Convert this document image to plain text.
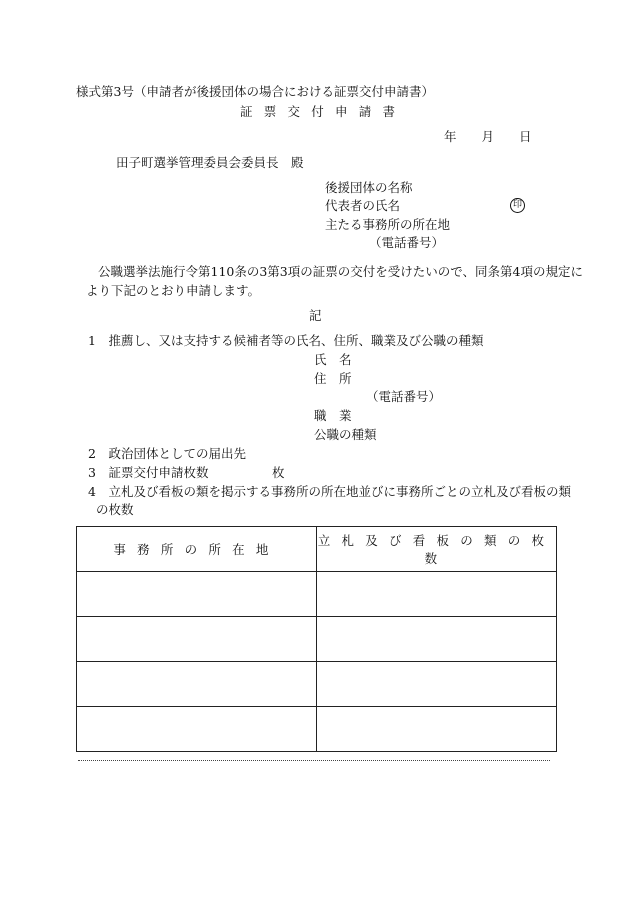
様式第3号（申請者が後援団体の場合における証票交付申請書）
証票交付申請書
年　　月　　日
田子町選挙管理委員会委員長　殿
後援団体の名称
代表者の氏名	印
主たる事務所の所在地
（電話番号）
公職選挙法施行令第110条の3第3項の証票の交付を受けたいので、同条第4項の規定に
より下記のとおり申請します。
記
1　推薦し、又は支持する候補者等の氏名、住所、職業及び公職の種類
氏　名
住　所
（電話番号）
職　業
公職の種類
2　政治団体としての届出先
3　証票交付申請枚数	枚
4　立札及び看板の類を掲示する事務所の所在地並びに事務所ごとの立札及び看板の類
の枚数
事務所の所在地	立札及び看板の類の枚数
